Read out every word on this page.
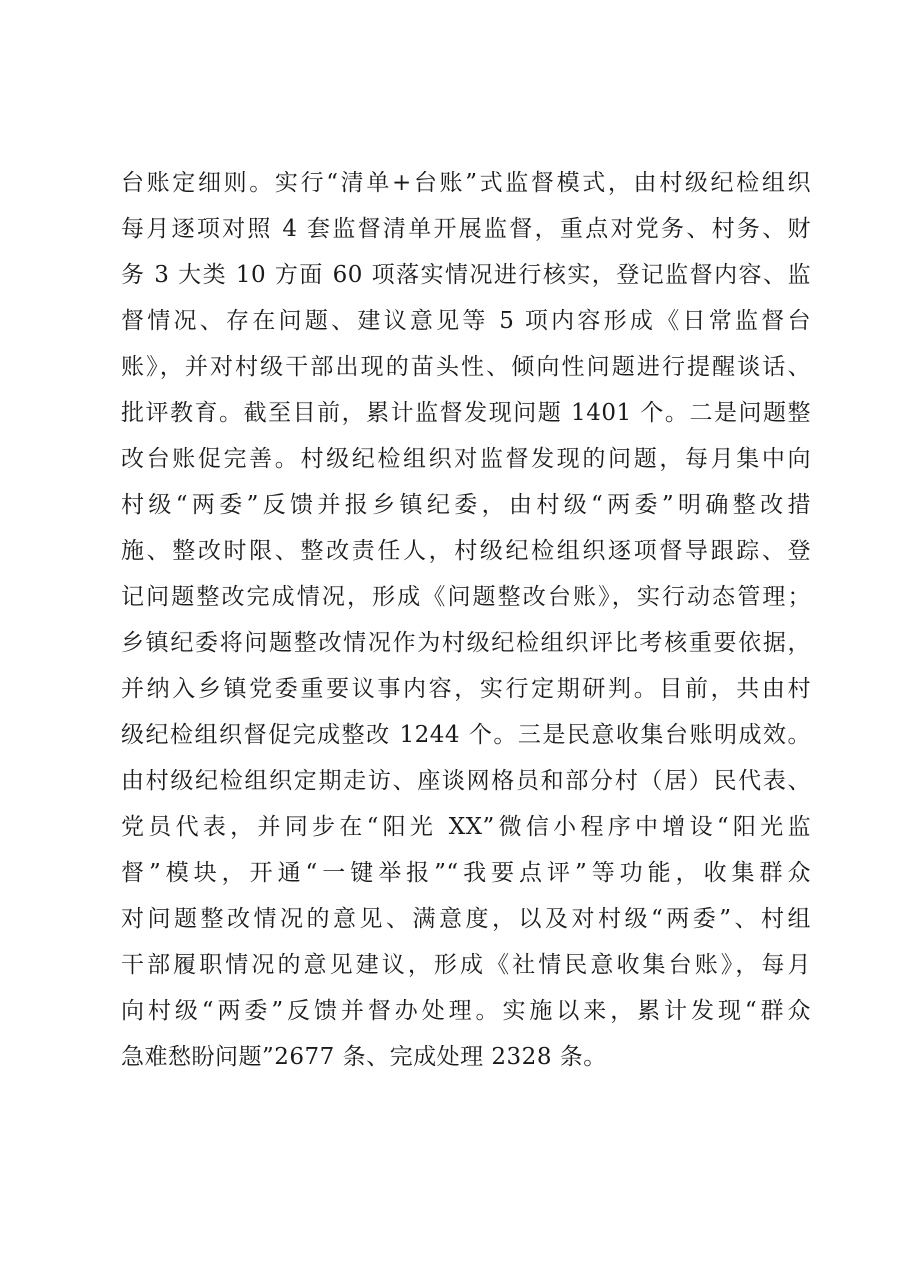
台账定细则。实行“清单+台账”式监督模式，由村级纪检组织
每月逐项对照 4 套监督清单开展监督，重点对党务、村务、财
务 3 大类 10 方面 60 项落实情况进行核实，登记监督内容、监
督情况、存在问题、建议意见等 5 项内容形成《日常监督台
账》，并对村级干部出现的苗头性、倾向性问题进行提醒谈话、
批评教育。截至目前，累计监督发现问题 1401 个。二是问题整
改台账促完善。村级纪检组织对监督发现的问题，每月集中向
村级“两委”反馈并报乡镇纪委，由村级“两委”明确整改措
施、整改时限、整改责任人，村级纪检组织逐项督导跟踪、登
记问题整改完成情况，形成《问题整改台账》，实行动态管理；
乡镇纪委将问题整改情况作为村级纪检组织评比考核重要依据，
并纳入乡镇党委重要议事内容，实行定期研判。目前，共由村
级纪检组织督促完成整改 1244 个。三是民意收集台账明成效。
由村级纪检组织定期走访、座谈网格员和部分村（居）民代表、
党员代表，并同步在“阳光 XX”微信小程序中增设“阳光监
督”模块，开通“一键举报”“我要点评”等功能，收集群众
对问题整改情况的意见、满意度，以及对村级“两委”、村组
干部履职情况的意见建议，形成《社情民意收集台账》，每月
向村级“两委”反馈并督办处理。实施以来，累计发现“群众
急难愁盼问题”2677 条、完成处理 2328 条。
